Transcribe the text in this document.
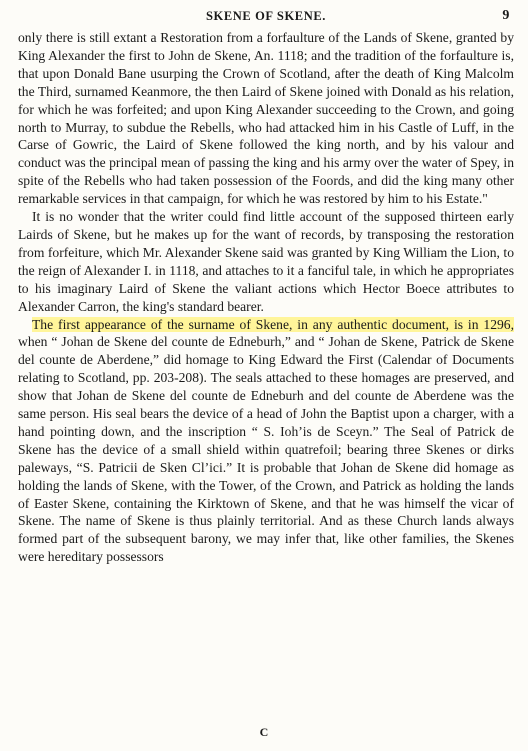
SKENE OF SKENE.	9

only there is still extant a Restoration from a forfaulture of the Lands of Skene, granted by King Alexander the first to John de Skene, An. 1118; and the tradition of the forfaulture is, that upon Donald Bane usurping the Crown of Scotland, after the death of King Malcolm the Third, surnamed Keanmore, the then Laird of Skene joined with Donald as his relation, for which he was forfeited; and upon King Alexander succeeding to the Crown, and going north to Murray, to subdue the Rebells, who had attacked him in his Castle of Luff, in the Carse of Gowric, the Laird of Skene followed the king north, and by his valour and conduct was the principal mean of passing the king and his army over the water of Spey, in spite of the Rebells who had taken possession of the Foords, and did the king many other remarkable services in that campaign, for which he was restored by him to his Estate."

It is no wonder that the writer could find little account of the supposed thirteen early Lairds of Skene, but he makes up for the want of records, by transposing the restoration from forfeiture, which Mr. Alexander Skene said was granted by King William the Lion, to the reign of Alexander I. in 1118, and attaches to it a fanciful tale, in which he appropriates to his imaginary Laird of Skene the valiant actions which Hector Boece attributes to Alexander Carron, the king's standard bearer.

The first appearance of the surname of Skene, in any authentic document, is in 1296, when “ Johan de Skene del counte de Edneburh,” and “ Johan de Skene, Patrick de Skene del counte de Aberdene,” did homage to King Edward the First (Calendar of Documents relating to Scotland, pp. 203-208). The seals attached to these homages are preserved, and show that Johan de Skene del counte de Edneburh and del counte de Aberdene was the same person. His seal bears the device of a head of John the Baptist upon a charger, with a hand pointing down, and the inscription “ S. Ioh’is de Sceyn.” The Seal of Patrick de Skene has the device of a small shield within quatrefoil; bearing three Skenes or dirks paleways, “S. Patricii de Sken Cl’ici.” It is probable that Johan de Skene did homage as holding the lands of Skene, with the Tower, of the Crown, and Patrick as holding the lands of Easter Skene, containing the Kirktown of Skene, and that he was himself the vicar of Skene. The name of Skene is thus plainly territorial. And as these Church lands always formed part of the subsequent barony, we may infer that, like other families, the Skenes were hereditary possessors

C
